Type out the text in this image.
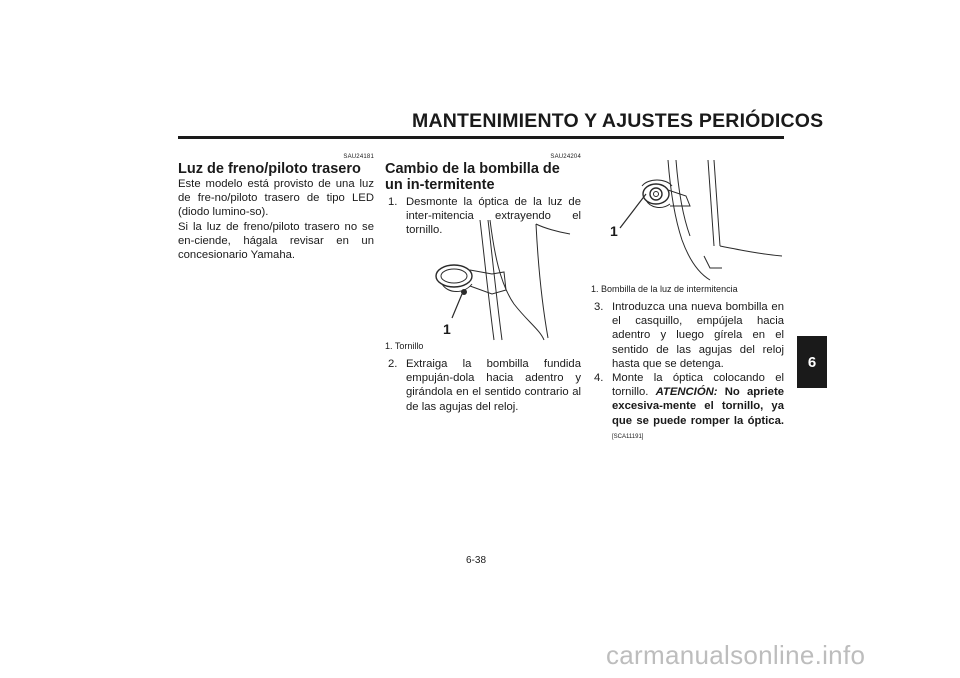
MANTENIMIENTO Y AJUSTES PERIÓDICOS
6
SAU24181
Luz de freno/piloto trasero
Este modelo está provisto de una luz de fre-no/piloto trasero de tipo LED (diodo lumino-so).
Si la luz de freno/piloto trasero no se en-ciende, hágala revisar en un concesionario Yamaha.
SAU24204
Cambio de la bombilla de un in-termitente
1. Desmonte la óptica de la luz de inter-mitencia extrayendo el tornillo.
1
1. Tornillo
2. Extraiga la bombilla fundida empuján-dola hacia adentro y girándola en el sentido contrario al de las agujas del reloj.
1
1. Bombilla de la luz de intermitencia
3. Introduzca una nueva bombilla en el casquillo, empújela hacia adentro y luego gírela en el sentido de las agujas del reloj hasta que se detenga.
4. Monte la óptica colocando el tornillo. ATENCIÓN: No apriete excesiva-mente el tornillo, ya que se puede romper la óptica. [SCA11191]
6-38
carmanualsonline.info
